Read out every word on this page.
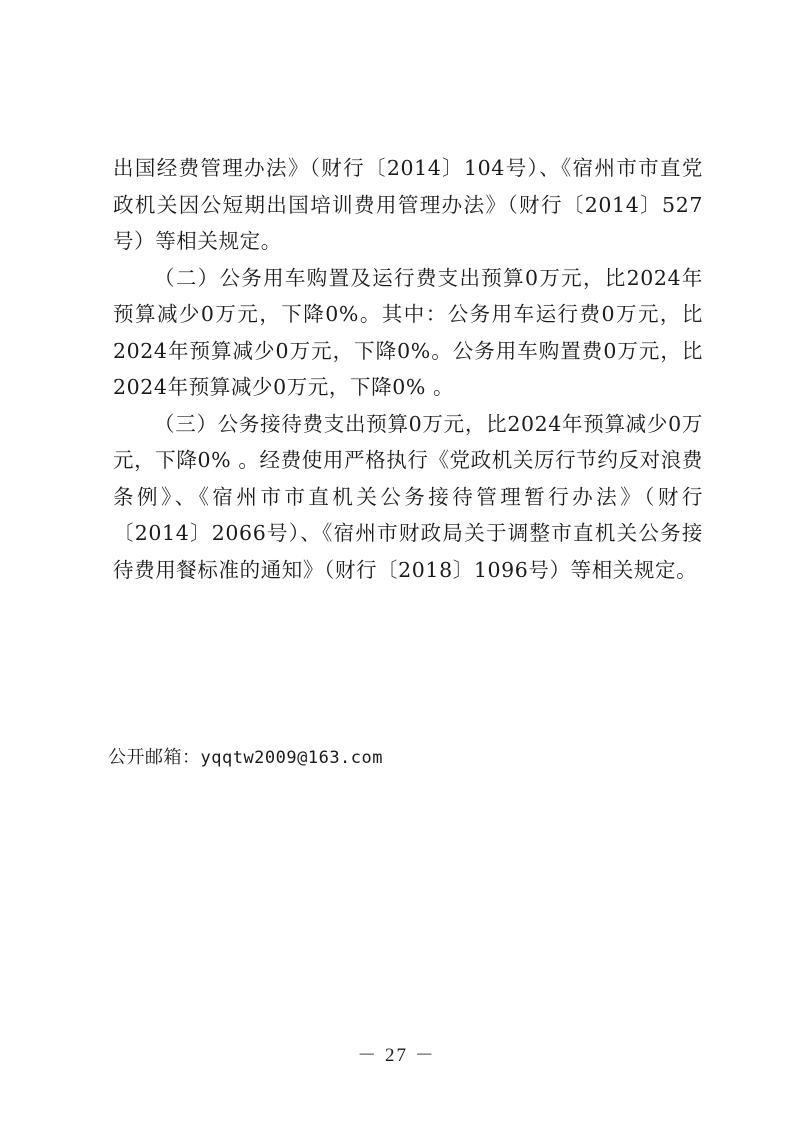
出国经费管理办法》（财行〔2014〕104号）、《宿州市市直党政机关因公短期出国培训费用管理办法》（财行〔2014〕527号）等相关规定。

（二）公务用车购置及运行费支出预算0万元，比2024年预算减少0万元，下降0%。其中：公务用车运行费0万元，比2024年预算减少0万元，下降0%。公务用车购置费0万元，比2024年预算减少0万元，下降0% 。

（三）公务接待费支出预算0万元，比2024年预算减少0万元，下降0% 。经费使用严格执行《党政机关厉行节约反对浪费条例》、《宿州市市直机关公务接待管理暂行办法》（财行〔2014〕2066号）、《宿州市财政局关于调整市直机关公务接待费用餐标准的通知》（财行〔2018〕1096号）等相关规定。

公开邮箱：yqqtw2009@163.com
－ 27 －
